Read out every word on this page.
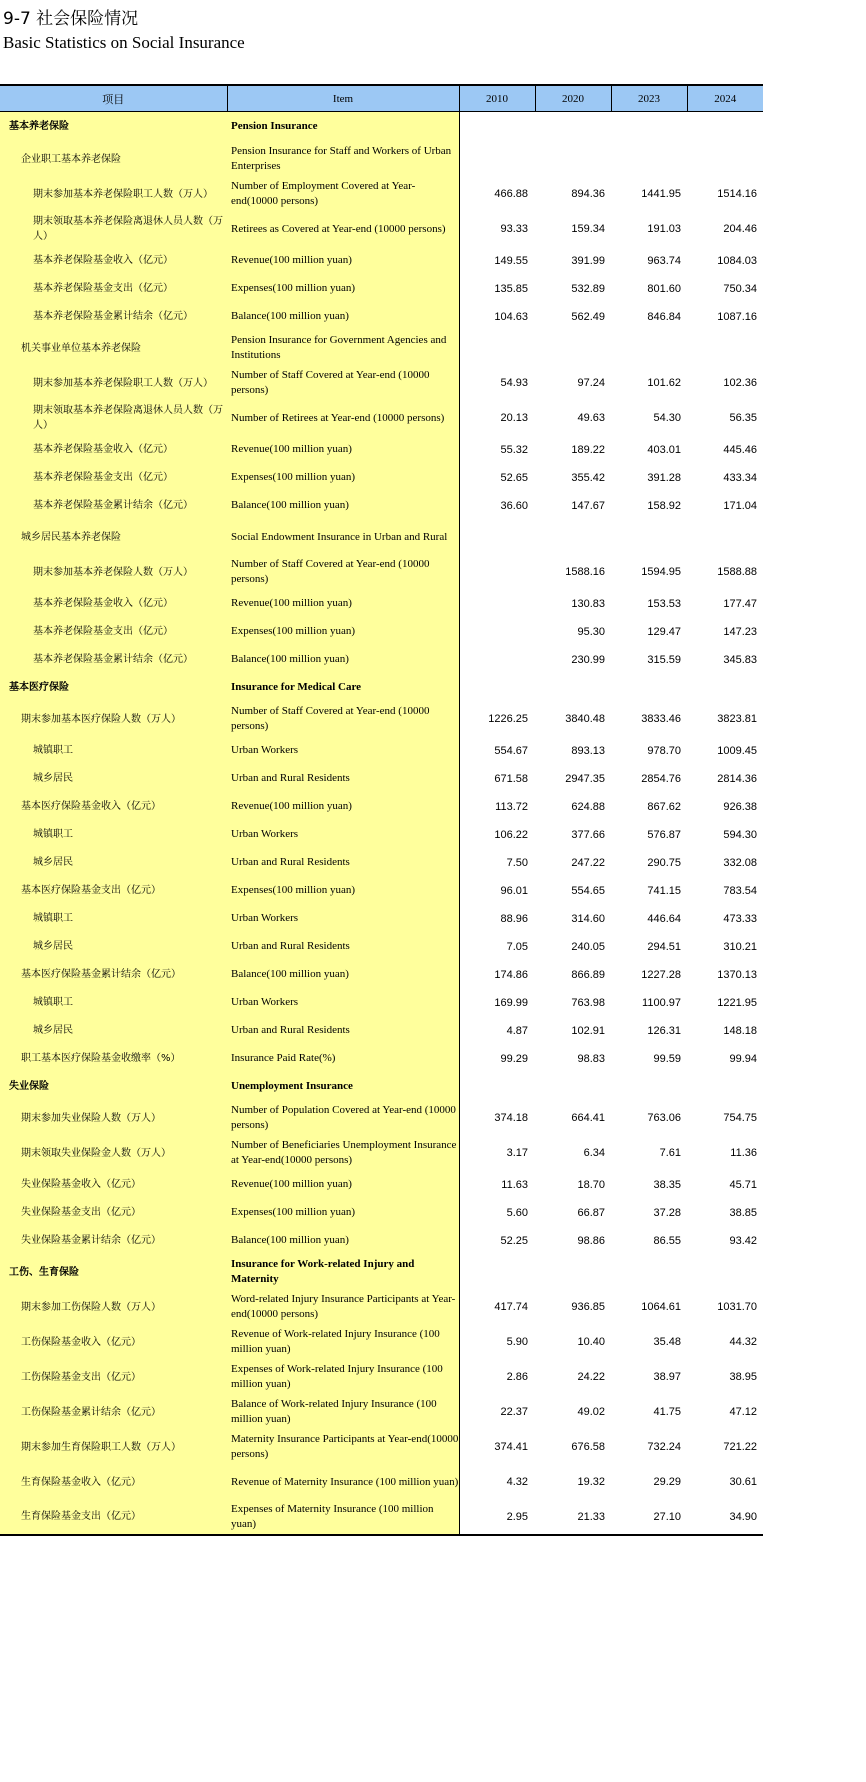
9-7 社会保险情况
Basic Statistics on Social Insurance
项目	Item	2010	2020	2023	2024
基本养老保险	Pension Insurance				
企业职工基本养老保险	Pension Insurance for Staff and Workers of Urban Enterprises				
期末参加基本养老保险职工人数（万人）	Number of Employment Covered at Year-end(10000 persons)	466.88	894.36	1441.95	1514.16
期末领取基本养老保险离退休人员人数（万人）	Retirees as Covered at Year-end (10000 persons)	93.33	159.34	191.03	204.46
基本养老保险基金收入（亿元）	Revenue(100 million yuan)	149.55	391.99	963.74	1084.03
基本养老保险基金支出（亿元）	Expenses(100 million yuan)	135.85	532.89	801.60	750.34
基本养老保险基金累计结余（亿元）	Balance(100 million yuan)	104.63	562.49	846.84	1087.16
机关事业单位基本养老保险	Pension Insurance for Government Agencies and Institutions				
期末参加基本养老保险职工人数（万人）	Number of Staff Covered at Year-end (10000 persons)	54.93	97.24	101.62	102.36
期末领取基本养老保险离退休人员人数（万人）	Number of Retirees at Year-end (10000 persons)	20.13	49.63	54.30	56.35
基本养老保险基金收入（亿元）	Revenue(100 million yuan)	55.32	189.22	403.01	445.46
基本养老保险基金支出（亿元）	Expenses(100 million yuan)	52.65	355.42	391.28	433.34
基本养老保险基金累计结余（亿元）	Balance(100 million yuan)	36.60	147.67	158.92	171.04
城乡居民基本养老保险	Social Endowment Insurance in Urban and Rural				
期末参加基本养老保险人数（万人）	Number of Staff Covered at Year-end (10000 persons)		1588.16	1594.95	1588.88
基本养老保险基金收入（亿元）	Revenue(100 million yuan)		130.83	153.53	177.47
基本养老保险基金支出（亿元）	Expenses(100 million yuan)		95.30	129.47	147.23
基本养老保险基金累计结余（亿元）	Balance(100 million yuan)		230.99	315.59	345.83
基本医疗保险	Insurance for Medical Care				
期末参加基本医疗保险人数（万人）	Number of Staff Covered at Year-end (10000 persons)	1226.25	3840.48	3833.46	3823.81
城镇职工	Urban Workers	554.67	893.13	978.70	1009.45
城乡居民	Urban and Rural Residents	671.58	2947.35	2854.76	2814.36
基本医疗保险基金收入（亿元）	Revenue(100 million yuan)	113.72	624.88	867.62	926.38
城镇职工	Urban Workers	106.22	377.66	576.87	594.30
城乡居民	Urban and Rural Residents	7.50	247.22	290.75	332.08
基本医疗保险基金支出（亿元）	Expenses(100 million yuan)	96.01	554.65	741.15	783.54
城镇职工	Urban Workers	88.96	314.60	446.64	473.33
城乡居民	Urban and Rural Residents	7.05	240.05	294.51	310.21
基本医疗保险基金累计结余（亿元）	Balance(100 million yuan)	174.86	866.89	1227.28	1370.13
城镇职工	Urban Workers	169.99	763.98	1100.97	1221.95
城乡居民	Urban and Rural Residents	4.87	102.91	126.31	148.18
职工基本医疗保险基金收缴率（%）	Insurance Paid Rate(%)	99.29	98.83	99.59	99.94
失业保险	Unemployment Insurance				
期末参加失业保险人数（万人）	Number of Population Covered at Year-end (10000 persons)	374.18	664.41	763.06	754.75
期末领取失业保险金人数（万人）	Number of Beneficiaries Unemployment Insurance at Year-end(10000 persons)	3.17	6.34	7.61	11.36
失业保险基金收入（亿元）	Revenue(100 million yuan)	11.63	18.70	38.35	45.71
失业保险基金支出（亿元）	Expenses(100 million yuan)	5.60	66.87	37.28	38.85
失业保险基金累计结余（亿元）	Balance(100 million yuan)	52.25	98.86	86.55	93.42
工伤、生育保险	Insurance for Work-related Injury and Maternity				
期末参加工伤保险人数（万人）	Word-related Injury Insurance Participants at Year-end(10000 persons)	417.74	936.85	1064.61	1031.70
工伤保险基金收入（亿元）	Revenue of Work-related Injury Insurance (100 million yuan)	5.90	10.40	35.48	44.32
工伤保险基金支出（亿元）	Expenses of Work-related Injury Insurance (100 million yuan)	2.86	24.22	38.97	38.95
工伤保险基金累计结余（亿元）	Balance of Work-related Injury Insurance (100 million yuan)	22.37	49.02	41.75	47.12
期末参加生育保险职工人数（万人）	Maternity Insurance Participants at Year-end(10000 persons)	374.41	676.58	732.24	721.22
生育保险基金收入（亿元）	Revenue of Maternity Insurance (100 million yuan)	4.32	19.32	29.29	30.61
生育保险基金支出（亿元）	Expenses of Maternity Insurance (100 million yuan)	2.95	21.33	27.10	34.90
